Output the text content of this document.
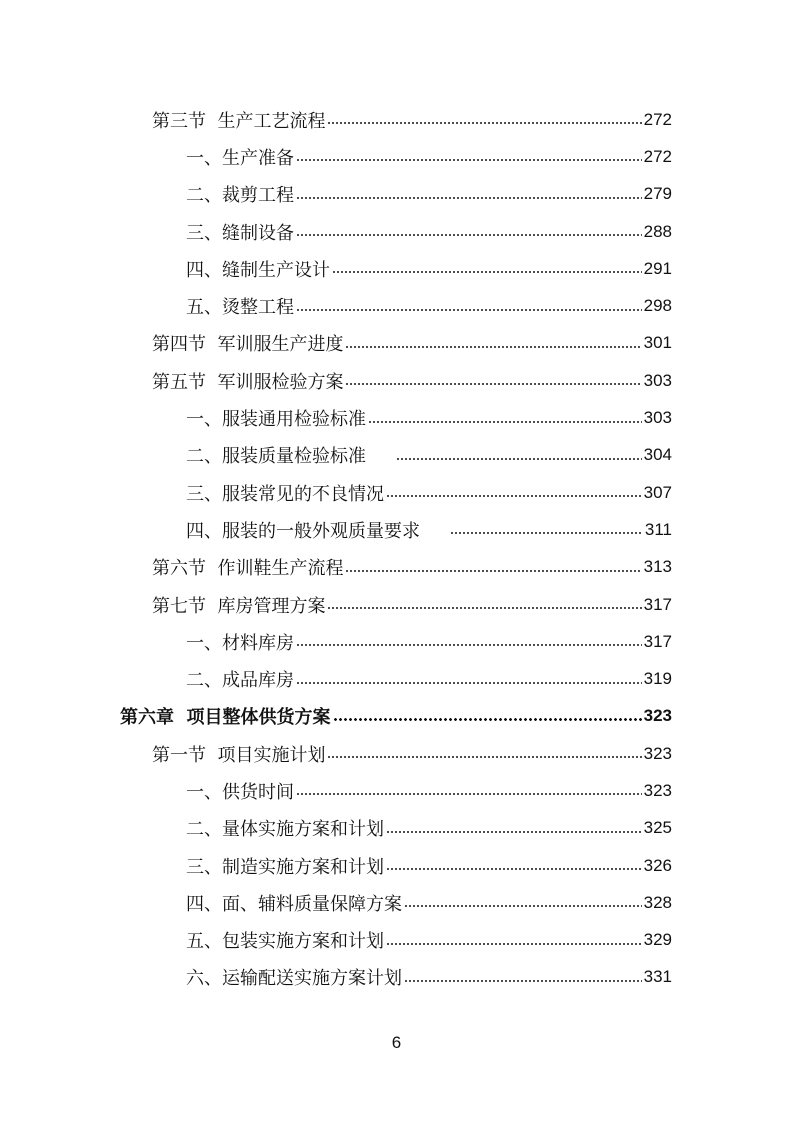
第三节  生产工艺流程	272
一、生产准备	272
二、裁剪工程	279
三、缝制设备	288
四、缝制生产设计	291
五、烫整工程	298
第四节  军训服生产进度	301
第五节  军训服检验方案	303
一、服装通用检验标准	303
二、服装质量检验标准	304
三、服装常见的不良情况	307
四、服装的一般外观质量要求	311
第六节  作训鞋生产流程	313
第七节  库房管理方案	317
一、材料库房	317
二、成品库房	319
第六章  项目整体供货方案	323
第一节  项目实施计划	323
一、供货时间	323
二、量体实施方案和计划	325
三、制造实施方案和计划	326
四、面、辅料质量保障方案	328
五、包装实施方案和计划	329
六、运输配送实施方案计划	331
6
